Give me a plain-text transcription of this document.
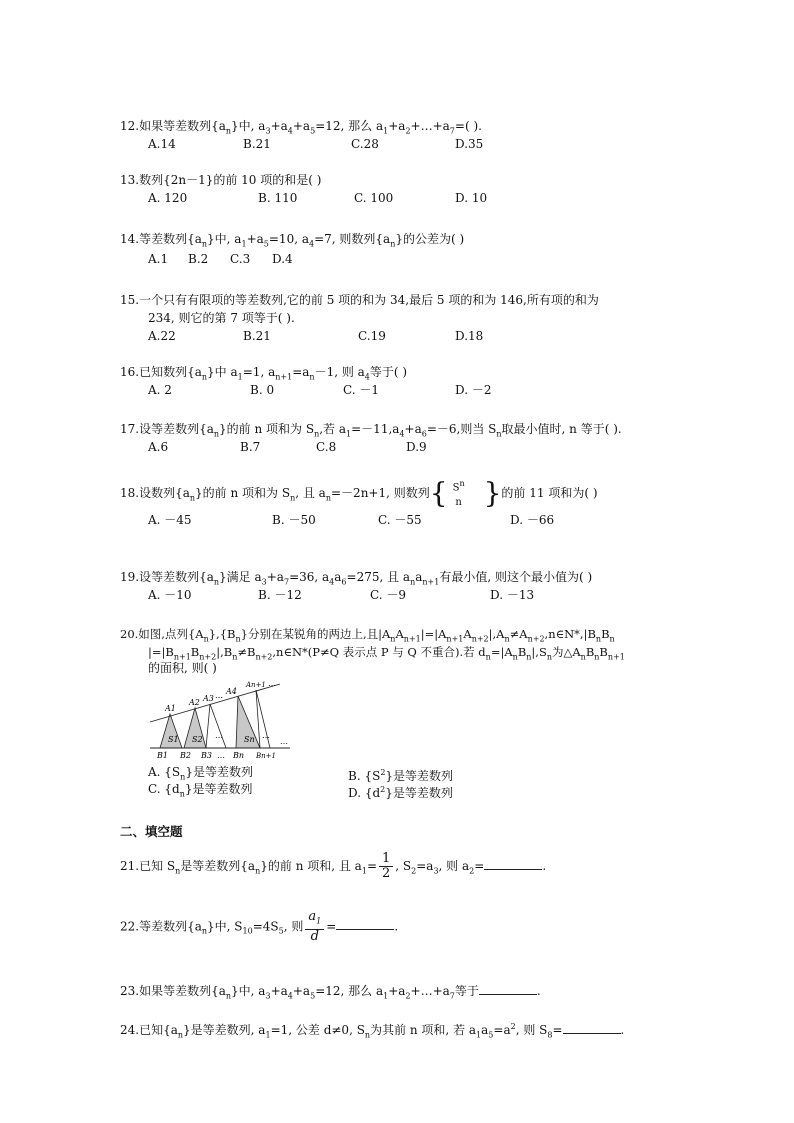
12.如果等差数列$\{a_n\}$中, $a_3+a_4+a_5=12$, 那么 $a_1+a_2+\dots+a_7=$( ).
A.14	B.21	C.28	D.35
13.数列{2n－1}的前 10 项的和是( )
A. 120	B. 110	C. 100	D. 10
14.等差数列$\{a_n\}$中, $a_1+a_5=10$, $a_4=7$, 则数列$\{a_n\}$的公差为( )
A.1 B.2 C.3 D.4
15.一个只有有限项的等差数列,它的前 5 项的和为 34,最后 5 项的和为 146,所有项的和为
234, 则它的第 7 项等于( ).
A.22	B.21	C.19	D.18
16.已知数列$\{a_n\}$中 $a_1=1$, $a_{n+1}=a_n-1$, 则 $a_4$等于( )
A. 2	B. 0	C. －1	D. －2
17.设等差数列$\{a_n\}$的前 n 项和为 $S_n$,若 $a_1=-11,a_4+a_6=-6$,则当 $S_n$取最小值时, n 等于( ).
A.6	B.7	C.8	D.9
18.设数列$\{a_n\}$的前 n 项和为 $S_n$, 且 $a_n=-2n+1$, 则数列{ $\frac{S^n}{n}$ }的前 11 项和为( )
A. －45	B. －50	C. －55	D. －66
19.设等差数列$\{a_n\}$满足 $a_3+a_7=36$, $a_4a_6=275$, 且 $a_na_{n+1}$有最小值, 则这个最小值为( )
A. －10	B. －12	C. －9	D. －13
20.如图,点列$\{A_n\},\{B_n\}$分别在某锐角的两边上,且$|A_nA_{n+1}|=|A_{n+1}A_{n+2}|,A_n\ne A_{n+2},n\in N*,|B_nB_n$
$|=|B_{n+1}B_{n+2}|,B_n\ne B_{n+2},n\in N*(P\ne Q$ 表示点 P 与 Q 不重合).若 $d_n=|A_nB_n|,S_n$为$\triangle A_nB_nB_{n+1}$
的面积, 则( )
A1
A2 A3 … A4
An+1 …
S1 S2 …	Sn …
B1 B2 B3 … Bn Bn+1
…
A. $\{S_n\}$是等差数列	B. $\{S^2\}$是等差数列
C. $\{d_n\}$是等差数列	D. $\{d^2\}$是等差数列
二、填空题
21.已知 $S_n$是等差数列$\{a_n\}$的前 n 项和, 且 $a_1= \frac{1}{2}$ , $S_2=a_3$, 则 $a_2=$	.
22.等差数列$\{a_n\}$中, $S_{10}=4S_5$, 则 $\frac{a_1}{d}$ =	.
23.如果等差数列$\{a_n\}$中, $a_3+a_4+a_5=12$, 那么 $a_1+a_2+\dots+a_7$等于	.
24.已知$\{a_n\}$是等差数列, $a_1=1$, 公差 d≠0, $S_n$为其前 n 项和, 若 $a_1a_5=a^2$, 则 $S_8=$	.
